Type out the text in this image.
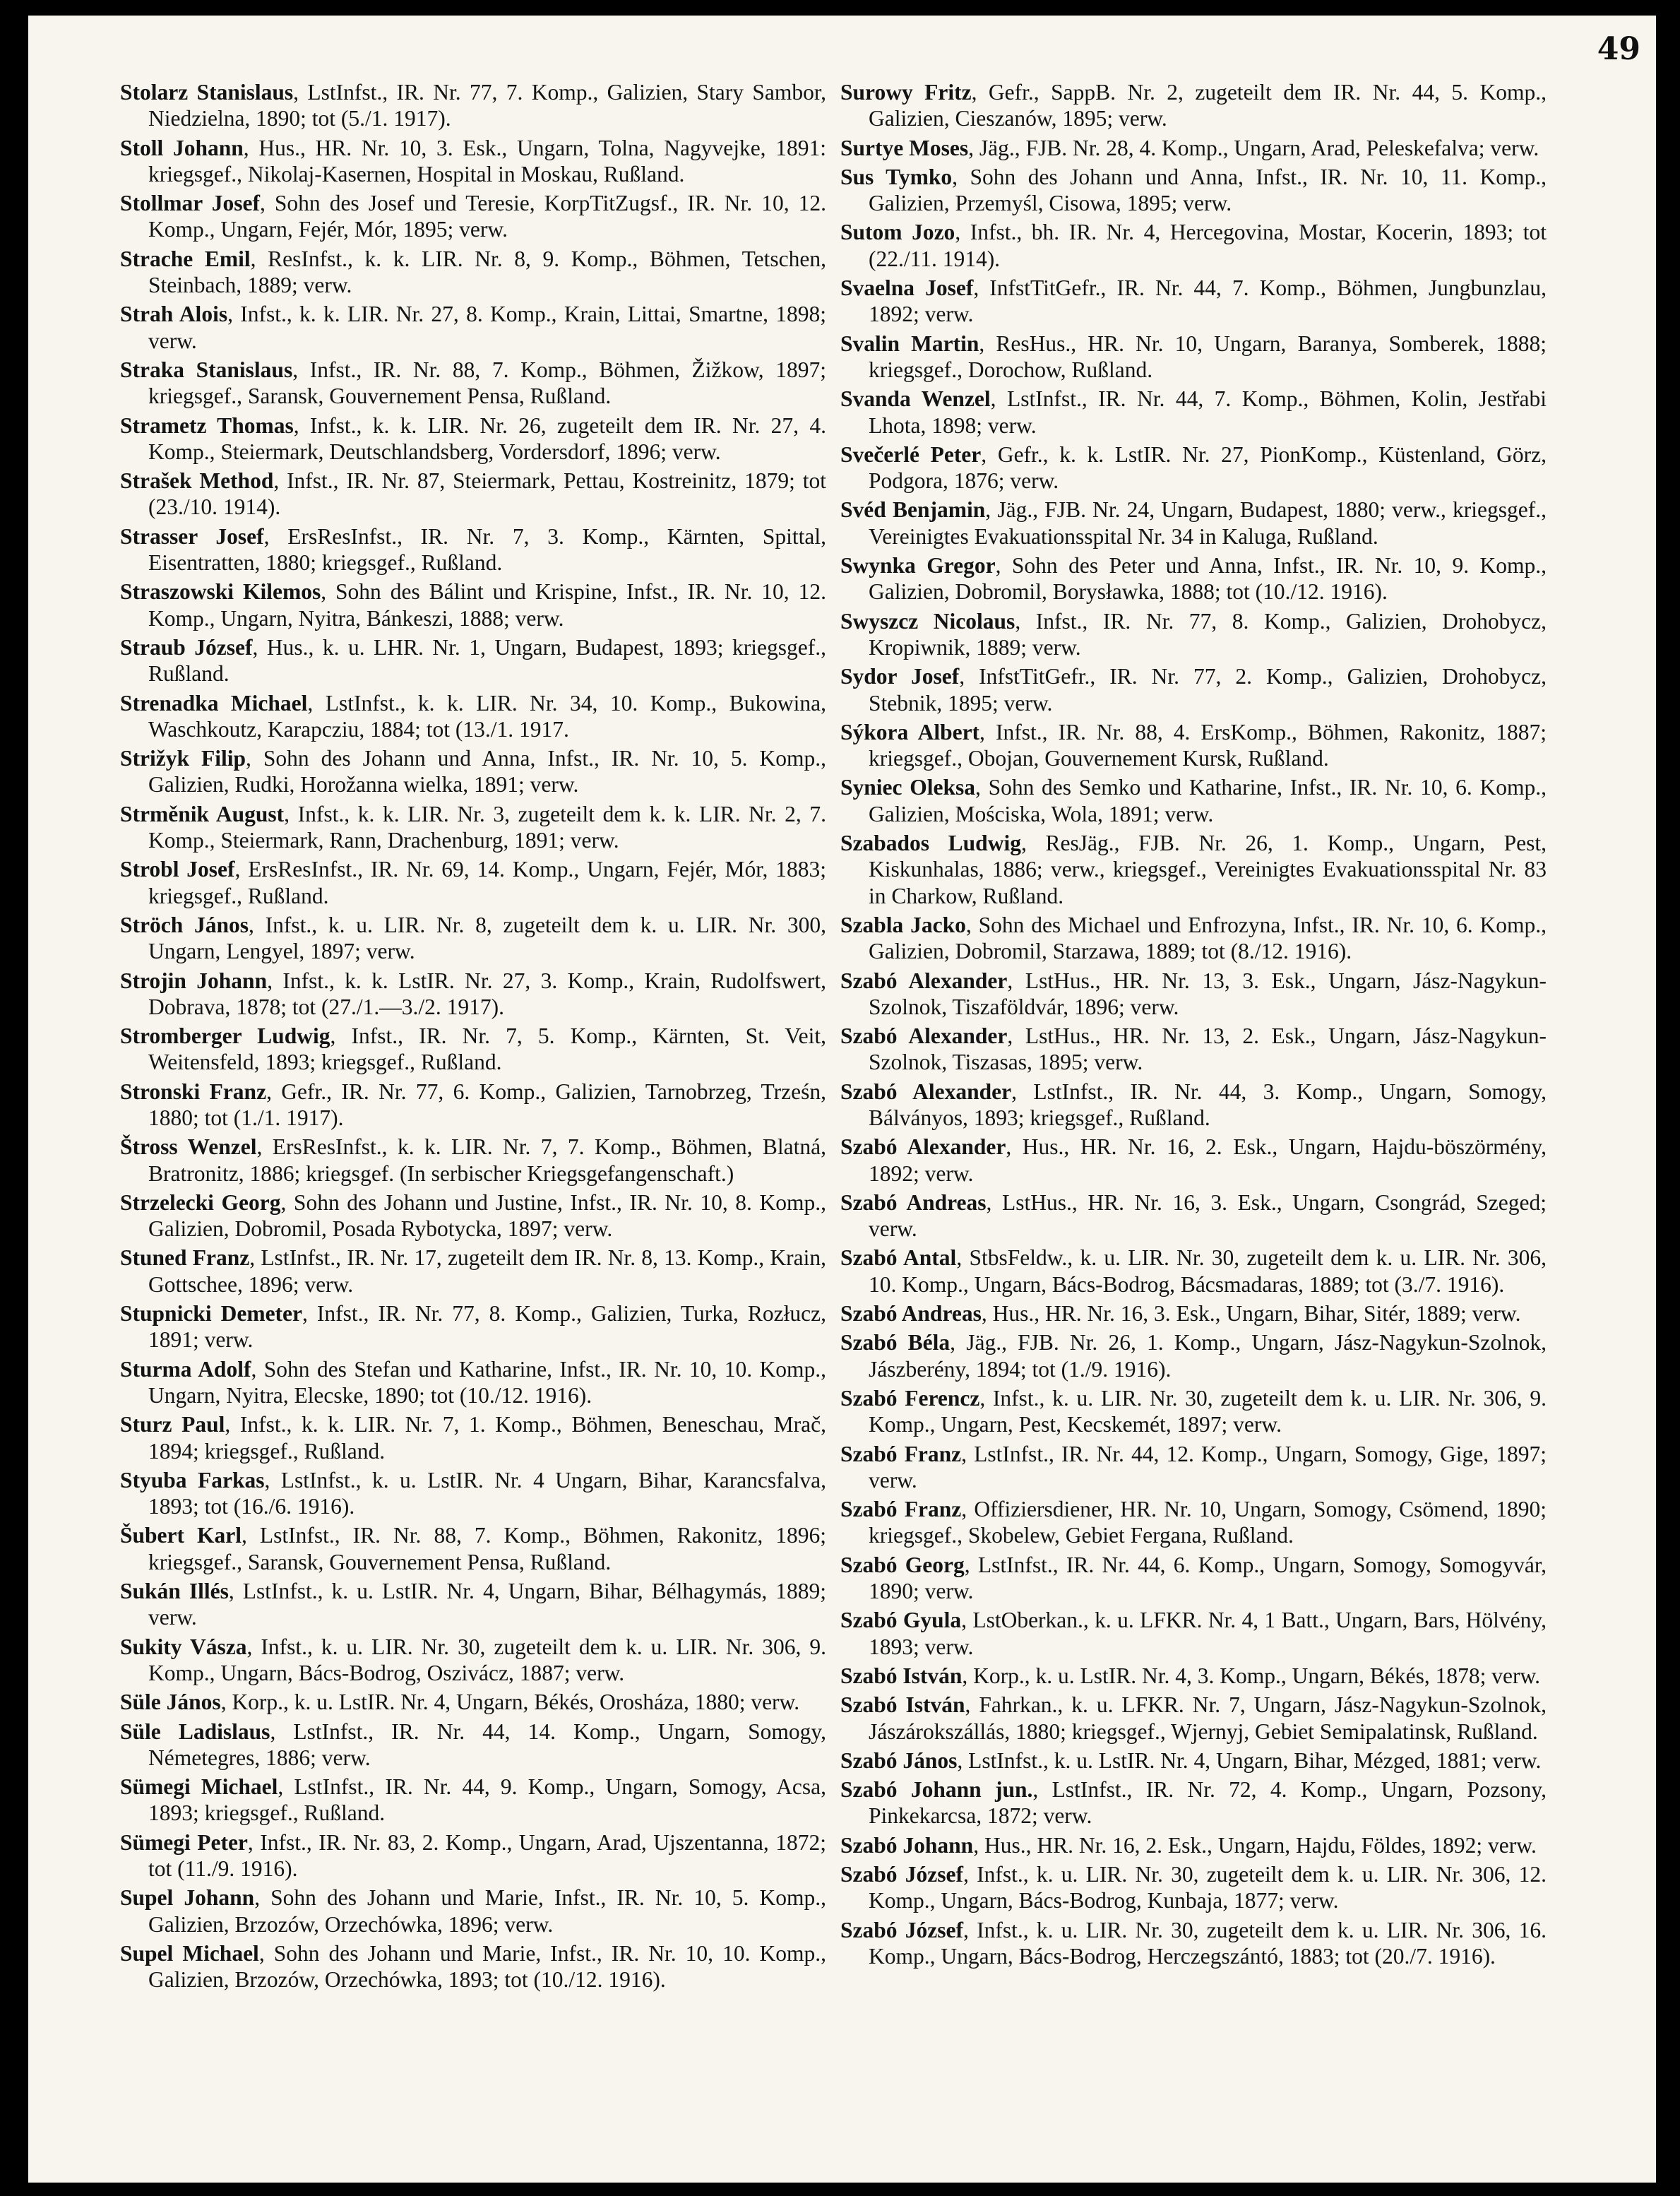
49

Stolarz Stanislaus, LstInfst., IR. Nr. 77, 7. Komp., Galizien, Stary Sambor, Niedzielna, 1890; tot (5./1. 1917).

Stoll Johann, Hus., HR. Nr. 10, 3. Esk., Ungarn, Tolna, Nagyvejke, 1891: kriegsgef., Nikolaj-Kasernen, Hospital in Moskau, Rußland.

Stollmar Josef, Sohn des Josef und Teresie, KorpTitZugsf., IR. Nr. 10, 12. Komp., Ungarn, Fejér, Mór, 1895; verw.

Strache Emil, ResInfst., k. k. LIR. Nr. 8, 9. Komp., Böhmen, Tetschen, Steinbach, 1889; verw.

Strah Alois, Infst., k. k. LIR. Nr. 27, 8. Komp., Krain, Littai, Smartne, 1898; verw.

Straka Stanislaus, Infst., IR. Nr. 88, 7. Komp., Böhmen, Žižkow, 1897; kriegsgef., Saransk, Gouvernement Pensa, Rußland.

Strametz Thomas, Infst., k. k. LIR. Nr. 26, zugeteilt dem IR. Nr. 27, 4. Komp., Steiermark, Deutschlandsberg, Vordersdorf, 1896; verw.

Strašek Method, Infst., IR. Nr. 87, Steiermark, Pettau, Kostreinitz, 1879; tot (23./10. 1914).

Strasser Josef, ErsResInfst., IR. Nr. 7, 3. Komp., Kärnten, Spittal, Eisentratten, 1880; kriegsgef., Rußland.

Straszowski Kilemos, Sohn des Bálint und Krispine, Infst., IR. Nr. 10, 12. Komp., Ungarn, Nyitra, Bánkeszi, 1888; verw.

Straub József, Hus., k. u. LHR. Nr. 1, Ungarn, Budapest, 1893; kriegsgef., Rußland.

Strenadka Michael, LstInfst., k. k. LIR. Nr. 34, 10. Komp., Bukowina, Waschkoutz, Karapcziu, 1884; tot (13./1. 1917.

Strižyk Filip, Sohn des Johann und Anna, Infst., IR. Nr. 10, 5. Komp., Galizien, Rudki, Horožanna wielka, 1891; verw.

Strměnik August, Infst., k. k. LIR. Nr. 3, zugeteilt dem k. k. LIR. Nr. 2, 7. Komp., Steiermark, Rann, Drachenburg, 1891; verw.

Strobl Josef, ErsResInfst., IR. Nr. 69, 14. Komp., Ungarn, Fejér, Mór, 1883; kriegsgef., Rußland.

Ströch János, Infst., k. u. LIR. Nr. 8, zugeteilt dem k. u. LIR. Nr. 300, Ungarn, Lengyel, 1897; verw.

Strojin Johann, Infst., k. k. LstIR. Nr. 27, 3. Komp., Krain, Rudolfswert, Dobrava, 1878; tot (27./1.—3./2. 1917).

Stromberger Ludwig, Infst., IR. Nr. 7, 5. Komp., Kärnten, St. Veit, Weitensfeld, 1893; kriegsgef., Rußland.

Stronski Franz, Gefr., IR. Nr. 77, 6. Komp., Galizien, Tarnobrzeg, Trześn, 1880; tot (1./1. 1917).

Štross Wenzel, ErsResInfst., k. k. LIR. Nr. 7, 7. Komp., Böhmen, Blatná, Bratronitz, 1886; kriegsgef. (In serbischer Kriegsgefangenschaft.)

Strzelecki Georg, Sohn des Johann und Justine, Infst., IR. Nr. 10, 8. Komp., Galizien, Dobromil, Posada Rybotycka, 1897; verw.

Stuned Franz, LstInfst., IR. Nr. 17, zugeteilt dem IR. Nr. 8, 13. Komp., Krain, Gottschee, 1896; verw.

Stupnicki Demeter, Infst., IR. Nr. 77, 8. Komp., Galizien, Turka, Rozłucz, 1891; verw.

Sturma Adolf, Sohn des Stefan und Katharine, Infst., IR. Nr. 10, 10. Komp., Ungarn, Nyitra, Elecske, 1890; tot (10./12. 1916).

Sturz Paul, Infst., k. k. LIR. Nr. 7, 1. Komp., Böhmen, Beneschau, Mrač, 1894; kriegsgef., Rußland.

Styuba Farkas, LstInfst., k. u. LstIR. Nr. 4 Ungarn, Bihar, Karancsfalva, 1893; tot (16./6. 1916).

Šubert Karl, LstInfst., IR. Nr. 88, 7. Komp., Böhmen, Rakonitz, 1896; kriegsgef., Saransk, Gouvernement Pensa, Rußland.

Sukán Illés, LstInfst., k. u. LstIR. Nr. 4, Ungarn, Bihar, Bélhagymás, 1889; verw.

Sukity Vásza, Infst., k. u. LIR. Nr. 30, zugeteilt dem k. u. LIR. Nr. 306, 9. Komp., Ungarn, Bács-Bodrog, Oszivácz, 1887; verw.

Süle János, Korp., k. u. LstIR. Nr. 4, Ungarn, Békés, Orosháza, 1880; verw.

Süle Ladislaus, LstInfst., IR. Nr. 44, 14. Komp., Ungarn, Somogy, Németegres, 1886; verw.

Sümegi Michael, LstInfst., IR. Nr. 44, 9. Komp., Ungarn, Somogy, Acsa, 1893; kriegsgef., Rußland.

Sümegi Peter, Infst., IR. Nr. 83, 2. Komp., Ungarn, Arad, Ujszentanna, 1872; tot (11./9. 1916).

Supel Johann, Sohn des Johann und Marie, Infst., IR. Nr. 10, 5. Komp., Galizien, Brzozów, Orzechówka, 1896; verw.

Supel Michael, Sohn des Johann und Marie, Infst., IR. Nr. 10, 10. Komp., Galizien, Brzozów, Orzechówka, 1893; tot (10./12. 1916).

Surowy Fritz, Gefr., SappB. Nr. 2, zugeteilt dem IR. Nr. 44, 5. Komp., Galizien, Cieszanów, 1895; verw.

Surtye Moses, Jäg., FJB. Nr. 28, 4. Komp., Ungarn, Arad, Peleskefalva; verw.

Sus Tymko, Sohn des Johann und Anna, Infst., IR. Nr. 10, 11. Komp., Galizien, Przemyśl, Cisowa, 1895; verw.

Sutom Jozo, Infst., bh. IR. Nr. 4, Hercegovina, Mostar, Kocerin, 1893; tot (22./11. 1914).

Svaelna Josef, InfstTitGefr., IR. Nr. 44, 7. Komp., Böhmen, Jungbunzlau, 1892; verw.

Svalin Martin, ResHus., HR. Nr. 10, Ungarn, Baranya, Somberek, 1888; kriegsgef., Dorochow, Rußland.

Svanda Wenzel, LstInfst., IR. Nr. 44, 7. Komp., Böhmen, Kolin, Jestřabi Lhota, 1898; verw.

Svečerlé Peter, Gefr., k. k. LstIR. Nr. 27, PionKomp., Küstenland, Görz, Podgora, 1876; verw.

Svéd Benjamin, Jäg., FJB. Nr. 24, Ungarn, Budapest, 1880; verw., kriegsgef., Vereinigtes Evakuationsspital Nr. 34 in Kaluga, Rußland.

Swynka Gregor, Sohn des Peter und Anna, Infst., IR. Nr. 10, 9. Komp., Galizien, Dobromil, Borysławka, 1888; tot (10./12. 1916).

Swyszcz Nicolaus, Infst., IR. Nr. 77, 8. Komp., Galizien, Drohobycz, Kropiwnik, 1889; verw.

Sydor Josef, InfstTitGefr., IR. Nr. 77, 2. Komp., Galizien, Drohobycz, Stebnik, 1895; verw.

Sýkora Albert, Infst., IR. Nr. 88, 4. ErsKomp., Böhmen, Rakonitz, 1887; kriegsgef., Obojan, Gouvernement Kursk, Rußland.

Syniec Oleksa, Sohn des Semko und Katharine, Infst., IR. Nr. 10, 6. Komp., Galizien, Mościska, Wola, 1891; verw.

Szabados Ludwig, ResJäg., FJB. Nr. 26, 1. Komp., Ungarn, Pest, Kiskunhalas, 1886; verw., kriegsgef., Vereinigtes Evakuationsspital Nr. 83 in Charkow, Rußland.

Szabla Jacko, Sohn des Michael und Enfrozyna, Infst., IR. Nr. 10, 6. Komp., Galizien, Dobromil, Starzawa, 1889; tot (8./12. 1916).

Szabó Alexander, LstHus., HR. Nr. 13, 3. Esk., Ungarn, Jász-Nagykun-Szolnok, Tiszaföldvár, 1896; verw.

Szabó Alexander, LstHus., HR. Nr. 13, 2. Esk., Ungarn, Jász-Nagykun-Szolnok, Tiszasas, 1895; verw.

Szabó Alexander, LstInfst., IR. Nr. 44, 3. Komp., Ungarn, Somogy, Bálványos, 1893; kriegsgef., Rußland.

Szabó Alexander, Hus., HR. Nr. 16, 2. Esk., Ungarn, Hajdu-böszörmény, 1892; verw.

Szabó Andreas, LstHus., HR. Nr. 16, 3. Esk., Ungarn, Csongrád, Szeged; verw.

Szabó Antal, StbsFeldw., k. u. LIR. Nr. 30, zugeteilt dem k. u. LIR. Nr. 306, 10. Komp., Ungarn, Bács-Bodrog, Bácsmadaras, 1889; tot (3./7. 1916).

Szabó Andreas, Hus., HR. Nr. 16, 3. Esk., Ungarn, Bihar, Sitér, 1889; verw.

Szabó Béla, Jäg., FJB. Nr. 26, 1. Komp., Ungarn, Jász-Nagykun-Szolnok, Jászberény, 1894; tot (1./9. 1916).

Szabó Ferencz, Infst., k. u. LIR. Nr. 30, zugeteilt dem k. u. LIR. Nr. 306, 9. Komp., Ungarn, Pest, Kecskemét, 1897; verw.

Szabó Franz, LstInfst., IR. Nr. 44, 12. Komp., Ungarn, Somogy, Gige, 1897; verw.

Szabó Franz, Offiziersdiener, HR. Nr. 10, Ungarn, Somogy, Csömend, 1890; kriegsgef., Skobelew, Gebiet Fergana, Rußland.

Szabó Georg, LstInfst., IR. Nr. 44, 6. Komp., Ungarn, Somogy, Somogyvár, 1890; verw.

Szabó Gyula, LstOberkan., k. u. LFKR. Nr. 4, 1 Batt., Ungarn, Bars, Hölvény, 1893; verw.

Szabó István, Korp., k. u. LstIR. Nr. 4, 3. Komp., Ungarn, Békés, 1878; verw.

Szabó István, Fahrkan., k. u. LFKR. Nr. 7, Ungarn, Jász-Nagykun-Szolnok, Jászárokszállás, 1880; kriegsgef., Wjernyj, Gebiet Semipalatinsk, Rußland.

Szabó János, LstInfst., k. u. LstIR. Nr. 4, Ungarn, Bihar, Mézged, 1881; verw.

Szabó Johann jun., LstInfst., IR. Nr. 72, 4. Komp., Ungarn, Pozsony, Pinkekarcsa, 1872; verw.

Szabó Johann, Hus., HR. Nr. 16, 2. Esk., Ungarn, Hajdu, Földes, 1892; verw.

Szabó József, Infst., k. u. LIR. Nr. 30, zugeteilt dem k. u. LIR. Nr. 306, 12. Komp., Ungarn, Bács-Bodrog, Kunbaja, 1877; verw.

Szabó József, Infst., k. u. LIR. Nr. 30, zugeteilt dem k. u. LIR. Nr. 306, 16. Komp., Ungarn, Bács-Bodrog, Herczegszántó, 1883; tot (20./7. 1916).
